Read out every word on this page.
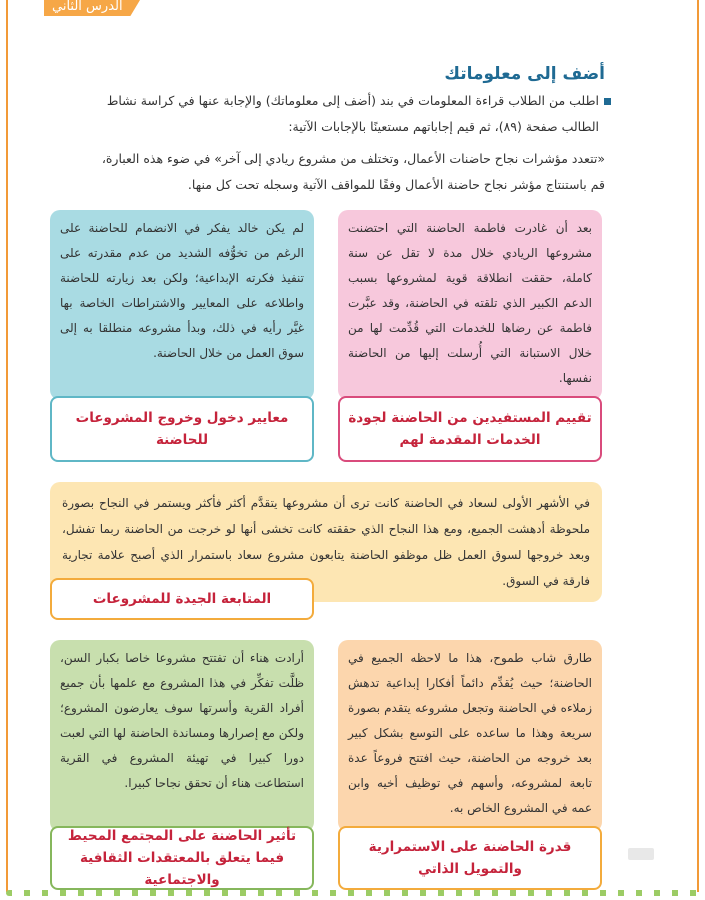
الدرس الثاني
أضف إلى معلوماتك
اطلب من الطلاب قراءة المعلومات في بند (أضف إلى معلوماتك) والإجابة عنها في كراسة نشاط الطالب صفحة (٨٩)، ثم قيم إجاباتهم مستعينًا بالإجابات الآتية:
«تتعدد مؤشرات نجاح حاضنات الأعمال، وتختلف من مشروع ريادي إلى آخر» في ضوء هذه العبارة، قم باستنتاج مؤشر نجاح حاضنة الأعمال وفقًا للمواقف الآتية وسجله تحت كل منها.
بعد أن غادرت فاطمة الحاضنة التي احتضنت مشروعها الريادي خلال مدة لا تقل عن سنة كاملة، حققت انطلاقة قوية لمشروعها بسبب الدعم الكبير الذي تلقته في الحاضنة، وقد عبَّرت فاطمة عن رضاها للخدمات التي قُدِّمت لها من خلال الاستبانة التي أُرسلت إليها من الحاضنة نفسها.
تقييم المستفيدين من الحاضنة لجودة الخدمات المقدمة لهم
لم يكن خالد يفكر في الانضمام للحاضنة على الرغم من تخوُّفه الشديد من عدم مقدرته على تنفيذ فكرته الإبداعية؛ ولكن بعد زيارته للحاضنة واطلاعه على المعايير والاشتراطات الخاصة بها غيَّر رأيه في ذلك، وبدأ مشروعه منطلقا به إلى سوق العمل من خلال الحاضنة.
معايير دخول وخروج المشروعات للحاضنة
في الأشهر الأولى لسعاد في الحاضنة كانت ترى أن مشروعها يتقدَّم أكثر فأكثر ويستمر في النجاح بصورة ملحوظة أدهشت الجميع، ومع هذا النجاح الذي حققته كانت تخشى أنها لو خرجت من الحاضنة ربما تفشل، وبعد خروجها لسوق العمل ظل موظفو الحاضنة يتابعون مشروع سعاد باستمرار الذي أصبح علامة تجارية فارقة في السوق.
المتابعة الجيدة للمشروعات
طارق شاب طموح، هذا ما لاحظه الجميع في الحاضنة؛ حيث يُقدِّم دائماً أفكارا إبداعية تدهش زملاءه في الحاضنة وتجعل مشروعه يتقدم بصورة سريعة وهذا ما ساعده على التوسع بشكل كبير بعد خروجه من الحاضنة، حيث افتتح فروعاً عدة تابعة لمشروعه، وأسهم في توظيف أخيه وابن عمه في المشروع الخاص به.
قدرة الحاضنة على الاستمرارية والتمويل الذاتي
أرادت هناء أن تفتتح مشروعا خاصا بكبار السن، ظلَّت تفكِّر في هذا المشروع مع علمها بأن جميع أفراد القرية وأسرتها سوف يعارضون المشروع؛ ولكن مع إصرارها ومساندة الحاضنة لها التي لعبت دورا كبيرا في تهيئة المشروع في القرية استطاعت هناء أن تحقق نجاحا كبيرا.
تأثير الحاضنة على المجتمع المحيط فيما يتعلق بالمعتقدات الثقافية والاجتماعية
